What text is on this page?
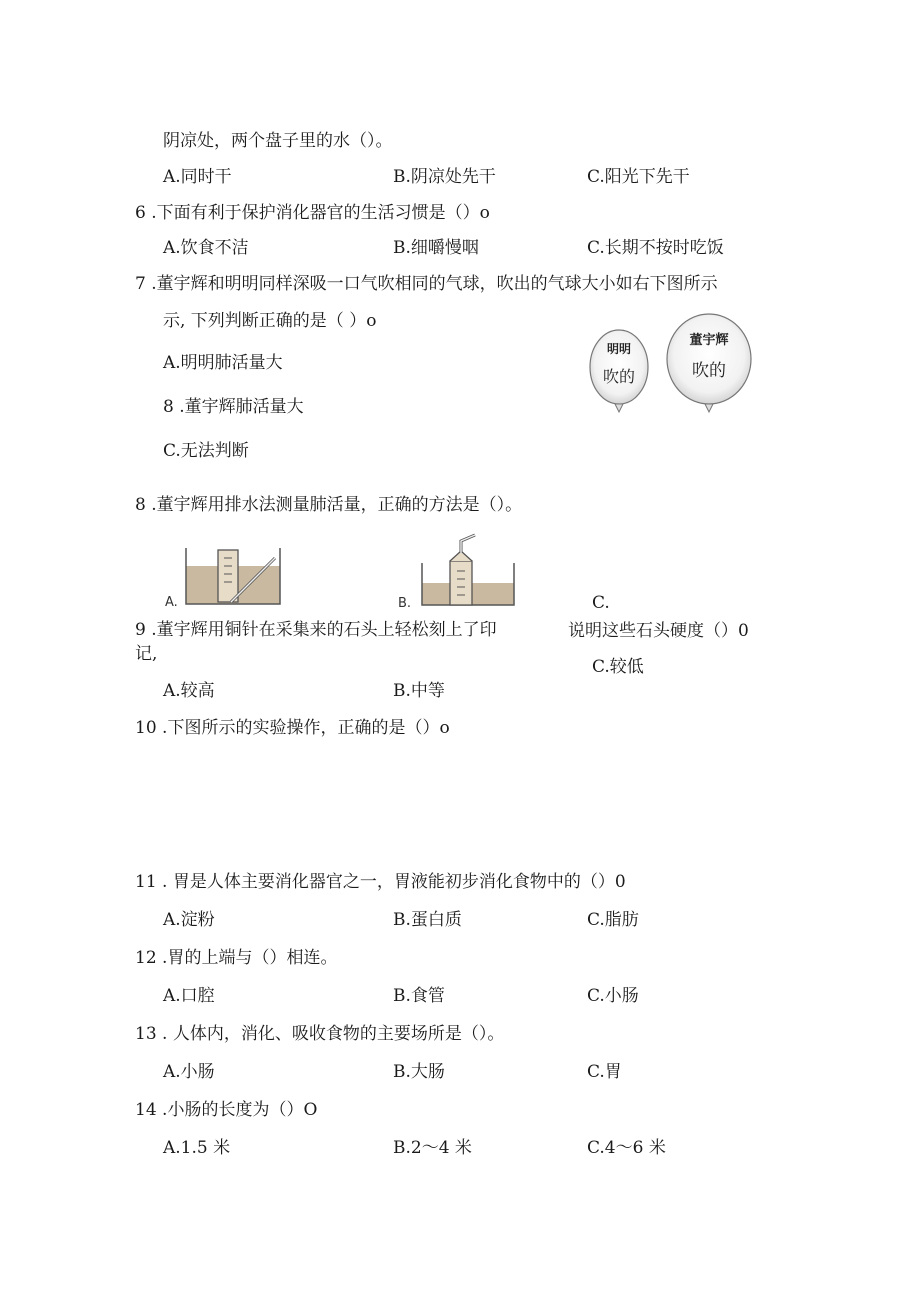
阴凉处，两个盘子里的水（）。
A.同时干	B.阴凉处先干	C.阳光下先干
6 .下面有利于保护消化器官的生活习惯是（）o
A.饮食不洁	B.细嚼慢咽	C.长期不按时吃饭
7 .董宇辉和明明同样深吸一口气吹相同的气球，吹出的气球大小如右下图所示
示, 下列判断正确的是（ ）o
A.明明肺活量大
8 .董宇辉肺活量大
C.无法判断
明明
吹的
董宇辉
吹的
8 .董宇辉用排水法测量肺活量，正确的方法是（）。
A.	B.	C.
9 .董宇辉用铜针在采集来的石头上轻松刻上了印	说明这些石头硬度（）0
记,
C.较低
A.较高	B.中等
10 .下图所示的实验操作，正确的是（）o
11 . 胃是人体主要消化器官之一，胃液能初步消化食物中的（）0
A.淀粉	B.蛋白质	C.脂肪
12 .胃的上端与（）相连。
A.口腔	B.食管	C.小肠
13 . 人体内，消化、吸收食物的主要场所是（）。
A.小肠	B.大肠	C.胃
14 .小肠的长度为（）O
A.1.5 米	B.2～4 米	C.4～6 米
